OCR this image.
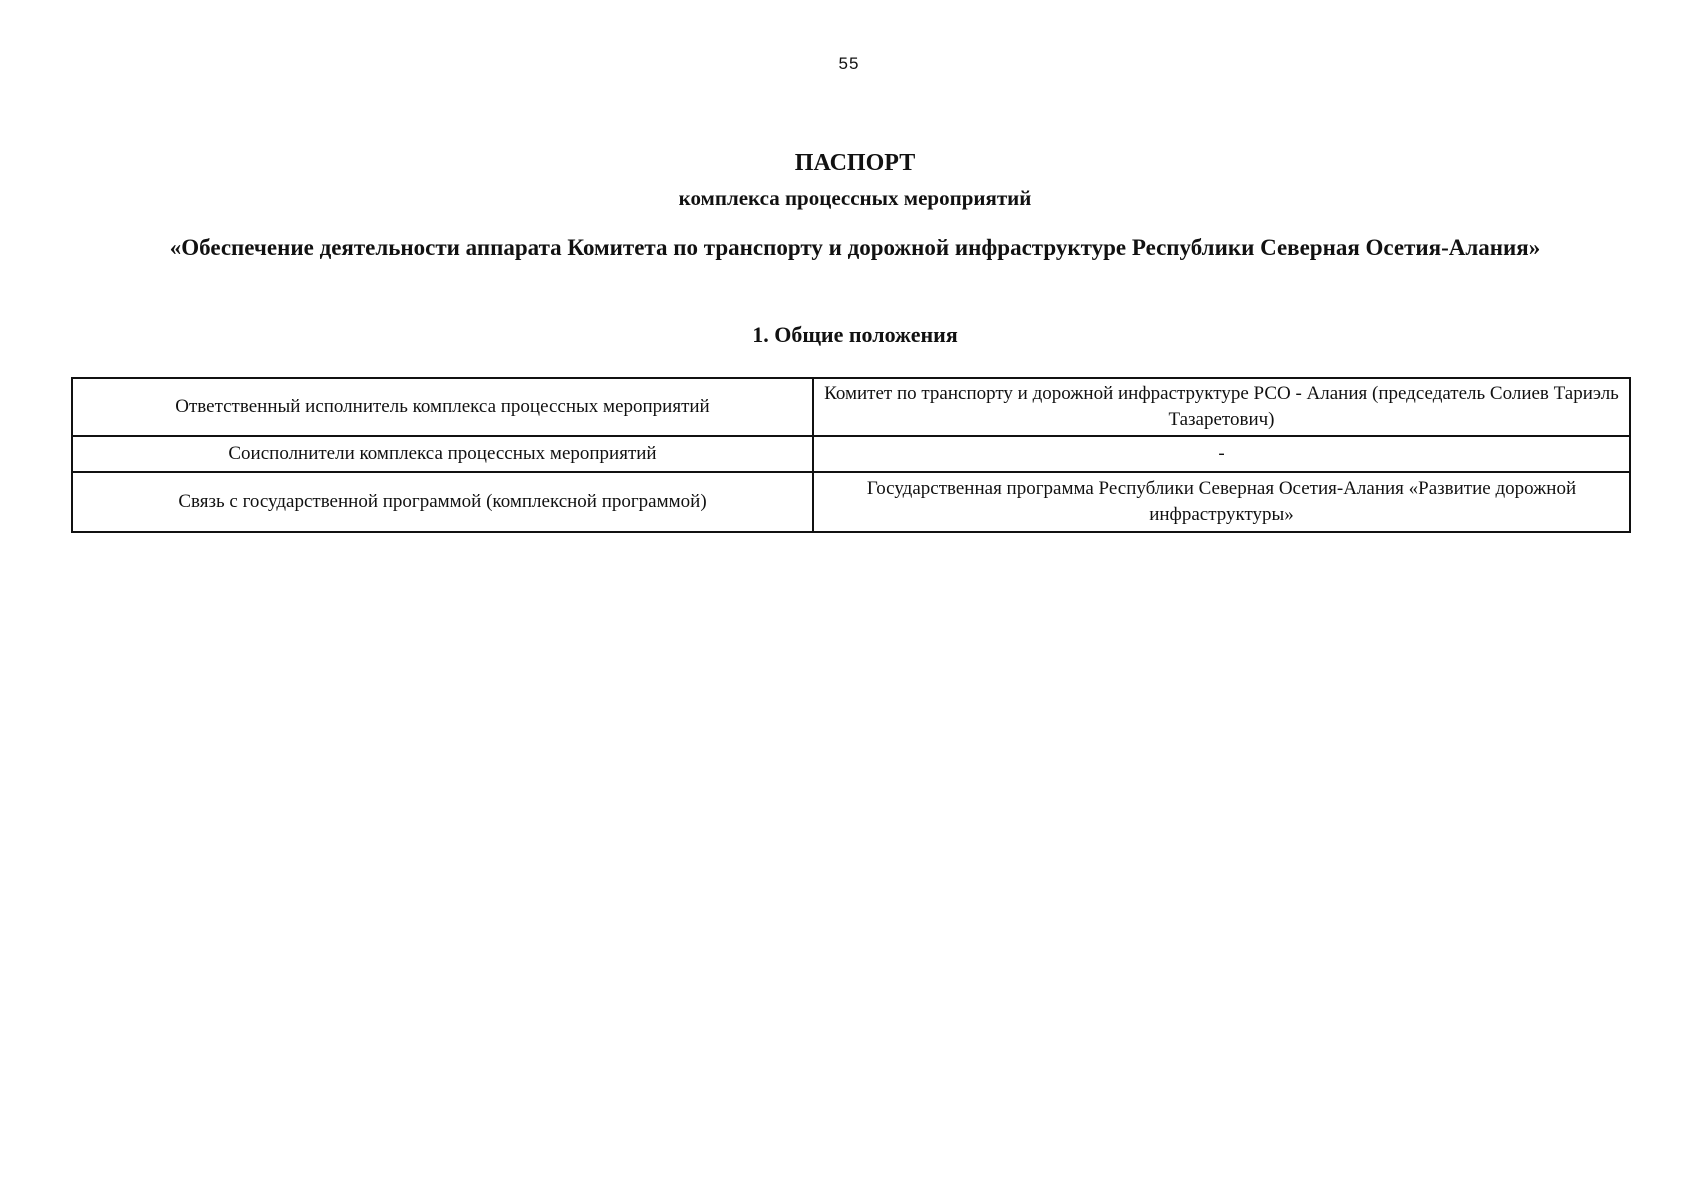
55
ПАСПОРТ
комплекса процессных мероприятий
«Обеспечение деятельности аппарата Комитета по транспорту и дорожной инфраструктуре Республики Северная Осетия-Алания»
1. Общие положения
Ответственный исполнитель комплекса процессных мероприятий	Комитет по транспорту и дорожной инфраструктуре РСО - Алания (председатель Солиев Тариэль Тазаретович)
Соисполнители комплекса процессных мероприятий	-
Связь с государственной программой (комплексной программой)	Государственная программа Республики Северная Осетия-Алания «Развитие дорожной инфраструктуры»
